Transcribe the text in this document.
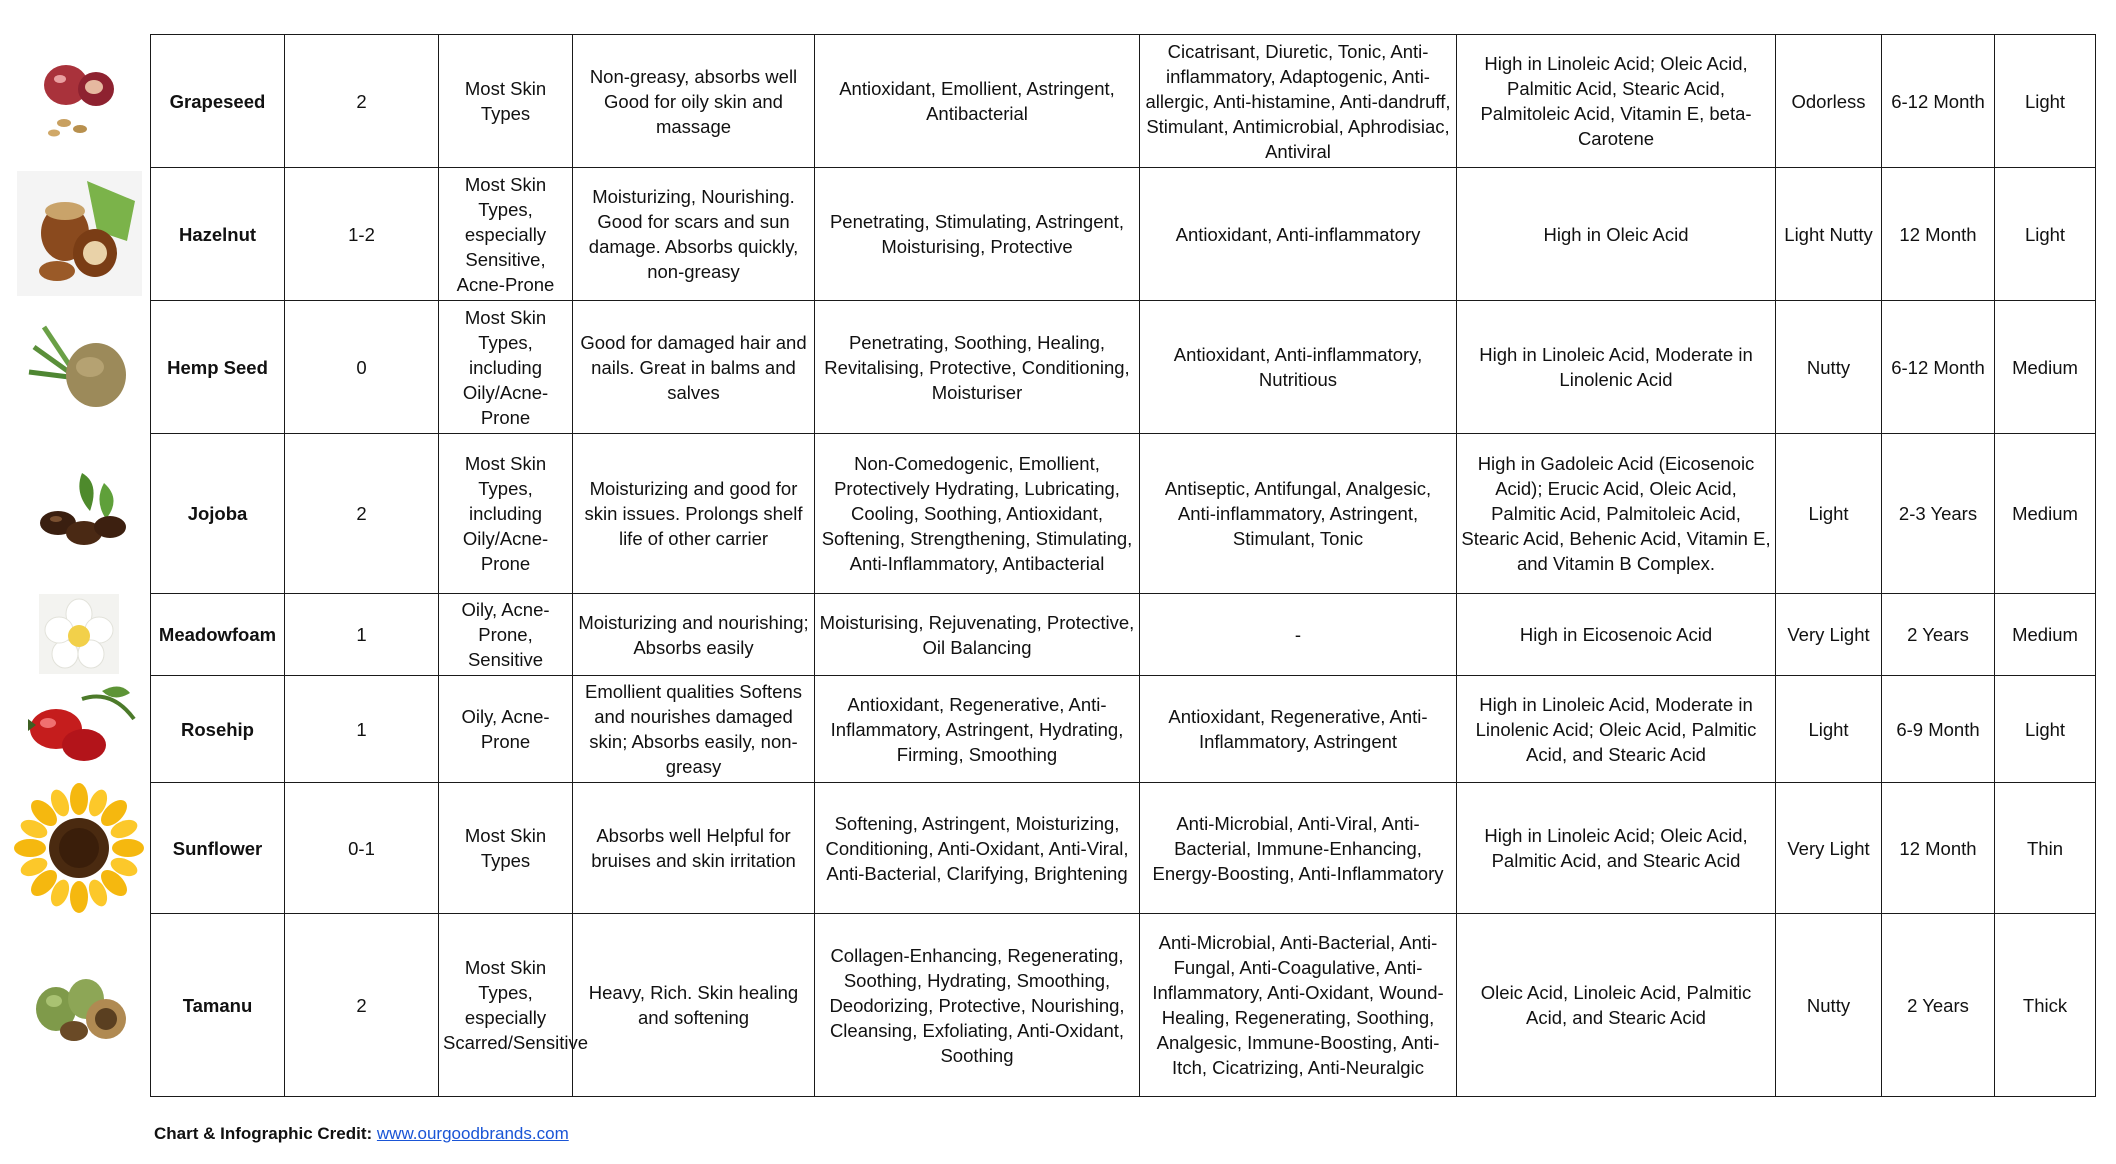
Grapeseed	2	Most Skin Types	Non-greasy, absorbs well Good for oily skin and massage	Antioxidant, Emollient, Astringent, Antibacterial	Cicatrisant, Diuretic, Tonic, Anti-inflammatory, Adaptogenic, Anti-allergic, Anti-histamine, Anti-dandruff, Stimulant, Antimicrobial, Aphrodisiac, Antiviral	High in Linoleic Acid; Oleic Acid, Palmitic Acid, Stearic Acid, Palmitoleic Acid, Vitamin E, beta-Carotene	Odorless	6-12 Month	Light
Hazelnut	1-2	Most Skin Types, especially Sensitive, Acne-Prone	Moisturizing, Nourishing. Good for scars and sun damage. Absorbs quickly, non-greasy	Penetrating, Stimulating, Astringent, Moisturising, Protective	Antioxidant, Anti-inflammatory	High in Oleic Acid	Light Nutty	12 Month	Light
Hemp Seed	0	Most Skin Types, including Oily/Acne-Prone	Good for damaged hair and nails. Great in balms and salves	Penetrating, Soothing, Healing, Revitalising, Protective, Conditioning, Moisturiser	Antioxidant, Anti-inflammatory, Nutritious	High in Linoleic Acid, Moderate in Linolenic Acid	Nutty	6-12 Month	Medium
Jojoba	2	Most Skin Types, including Oily/Acne-Prone	Moisturizing and good for skin issues. Prolongs shelf life of other carrier	Non-Comedogenic, Emollient, Protectively Hydrating, Lubricating, Cooling, Soothing, Antioxidant, Softening, Strengthening, Stimulating, Anti-Inflammatory, Antibacterial	Antiseptic, Antifungal, Analgesic, Anti-inflammatory, Astringent, Stimulant, Tonic	High in Gadoleic Acid (Eicosenoic Acid); Erucic Acid, Oleic Acid, Palmitic Acid, Palmitoleic Acid, Stearic Acid, Behenic Acid, Vitamin E, and Vitamin B Complex.	Light	2-3 Years	Medium
Meadowfoam	1	Oily, Acne-Prone, Sensitive	Moisturizing and nourishing; Absorbs easily	Moisturising, Rejuvenating, Protective, Oil Balancing	-	High in Eicosenoic Acid	Very Light	2 Years	Medium
Rosehip	1	Oily, Acne-Prone	Emollient qualities Softens and nourishes damaged skin; Absorbs easily, non-greasy	Antioxidant, Regenerative, Anti-Inflammatory, Astringent, Hydrating, Firming, Smoothing	Antioxidant, Regenerative, Anti-Inflammatory, Astringent	High in Linoleic Acid, Moderate in Linolenic Acid; Oleic Acid, Palmitic Acid, and Stearic Acid	Light	6-9 Month	Light
Sunflower	0-1	Most Skin Types	Absorbs well Helpful for bruises and skin irritation	Softening, Astringent, Moisturizing, Conditioning, Anti-Oxidant, Anti-Viral, Anti-Bacterial, Clarifying, Brightening	Anti-Microbial, Anti-Viral, Anti-Bacterial, Immune-Enhancing, Energy-Boosting, Anti-Inflammatory	High in Linoleic Acid; Oleic Acid, Palmitic Acid, and Stearic Acid	Very Light	12 Month	Thin
Tamanu	2	Most Skin Types, especially Scarred/Sensitive	Heavy, Rich. Skin healing and softening	Collagen-Enhancing, Regenerating, Soothing, Hydrating, Smoothing, Deodorizing, Protective, Nourishing, Cleansing, Exfoliating, Anti-Oxidant, Soothing	Anti-Microbial, Anti-Bacterial, Anti-Fungal, Anti-Coagulative, Anti-Inflammatory, Anti-Oxidant, Wound-Healing, Regenerating, Soothing, Analgesic, Immune-Boosting, Anti-Itch, Cicatrizing, Anti-Neuralgic	Oleic Acid, Linoleic Acid, Palmitic Acid, and Stearic Acid	Nutty	2 Years	Thick
Chart & Infographic Credit: www.ourgoodbrands.com
